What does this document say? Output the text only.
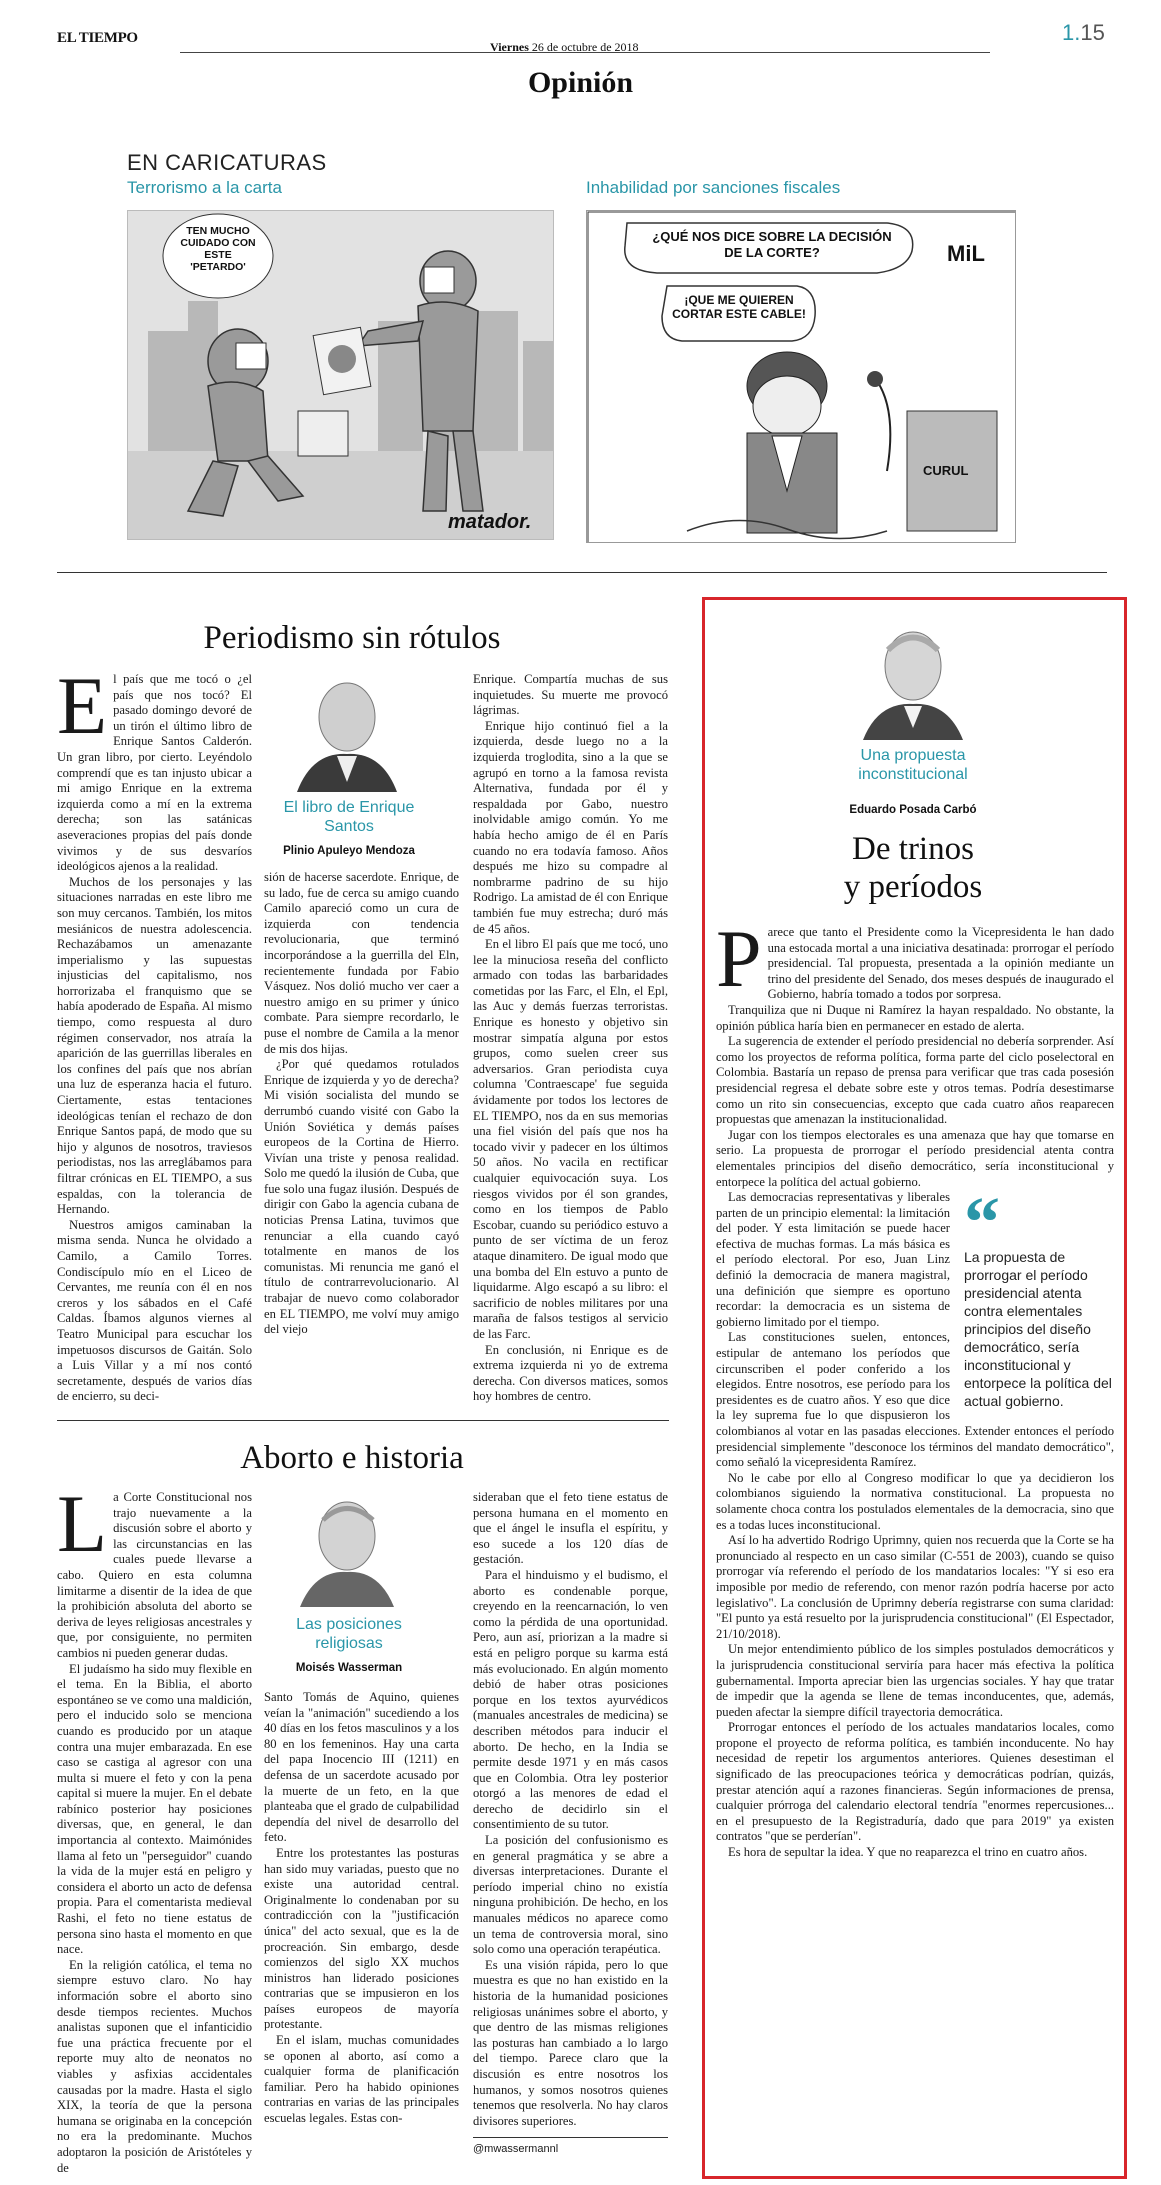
EL TIEMPO
Viernes 26 de octubre de 2018
1.15
Opinión
EN CARICATURAS
Terrorismo a la carta	Inhabilidad por sanciones fiscales
TEN MUCHO CUIDADO CON ESTE 'PETARDO'
matador.
¿QUÉ NOS DICE SOBRE LA DECISIÓN DE LA CORTE?
¡QUE ME QUIEREN CORTAR ESTE CABLE!
MiL
CURUL
Periodismo sin rótulos
El libro de Enrique Santos
Plinio Apuleyo Mendoza
E l país que me tocó o ¿el país que nos tocó? El pasado domingo devoré de un tirón el último libro de Enrique Santos Calderón. Un gran libro, por cierto. Leyéndolo comprendí que es tan injusto ubicar a mi amigo Enrique en la extrema izquierda como a mí en la extrema derecha; son las satánicas aseveraciones propias del país donde vivimos y de sus desvaríos ideológicos ajenos a la realidad.

Muchos de los personajes y las situaciones narradas en este libro me son muy cercanos. También, los mitos mesiánicos de nuestra adolescencia. Rechazábamos un amenazante imperialismo y las supuestas injusticias del capitalismo, nos horrorizaba el franquismo que se había apoderado de España. Al mismo tiempo, como respuesta al duro régimen conservador, nos atraía la aparición de las guerrillas liberales en los confines del país que nos abrían una luz de esperanza hacia el futuro. Ciertamente, estas tentaciones ideológicas tenían el rechazo de don Enrique Santos papá, de modo que su hijo y algunos de nosotros, traviesos periodistas, nos las arreglábamos para filtrar crónicas en EL TIEMPO, a sus espaldas, con la tolerancia de Hernando.

Nuestros amigos caminaban la misma senda. Nunca he olvidado a Camilo, a Camilo Torres. Condiscípulo mío en el Liceo de Cervantes, me reunía con él en nos creros y los sábados en el Café Caldas. Íbamos algunos viernes al Teatro Municipal para escuchar los impetuosos discursos de Gaitán. Solo a Luis Villar y a mí nos contó secretamente, después de varios días de encierro, su deci-

sión de hacerse sacerdote. Enrique, de su lado, fue de cerca su amigo cuando Camilo apareció como un cura de izquierda con tendencia revolucionaria, que terminó incorporándose a la guerrilla del Eln, recientemente fundada por Fabio Vásquez. Nos dolió mucho ver caer a nuestro amigo en su primer y único combate. Para siempre recordarlo, le puse el nombre de Camila a la menor de mis dos hijas.

¿Por qué quedamos rotulados Enrique de izquierda y yo de derecha? Mi visión socialista del mundo se derrumbó cuando visité con Gabo la Unión Soviética y demás países europeos de la Cortina de Hierro. Vivían una triste y penosa realidad. Solo me quedó la ilusión de Cuba, que fue solo una fugaz ilusión. Después de dirigir con Gabo la agencia cubana de noticias Prensa Latina, tuvimos que renunciar a ella cuando cayó totalmente en manos de los comunistas. Mi renuncia me ganó el título de contrarrevolucionario. Al trabajar de nuevo como colaborador en EL TIEMPO, me volví muy amigo del viejo

Enrique. Compartía muchas de sus inquietudes. Su muerte me provocó lágrimas.

Enrique hijo continuó fiel a la izquierda, desde luego no a la izquierda troglodita, sino a la que se agrupó en torno a la famosa revista Alternativa, fundada por él y respaldada por Gabo, nuestro inolvidable amigo común. Yo me había hecho amigo de él en París cuando no era todavía famoso. Años después me hizo su compadre al nombrarme padrino de su hijo Rodrigo. La amistad de él con Enrique también fue muy estrecha; duró más de 45 años.

En el libro El país que me tocó, uno lee la minuciosa reseña del conflicto armado con todas las barbaridades cometidas por las Farc, el Eln, el Epl, las Auc y demás fuerzas terroristas. Enrique es honesto y objetivo sin mostrar simpatía alguna por estos grupos, como suelen creer sus adversarios. Gran periodista cuya columna 'Contraescape' fue seguida ávidamente por todos los lectores de EL TIEMPO, nos da en sus memorias una fiel visión del país que nos ha tocado vivir y padecer en los últimos 50 años. No vacila en rectificar cualquier equivocación suya. Los riesgos vividos por él son grandes, como en los tiempos de Pablo Escobar, cuando su periódico estuvo a punto de ser víctima de un feroz ataque dinamitero. De igual modo que una bomba del Eln estuvo a punto de liquidarme. Algo escapó a su libro: el sacrificio de nobles militares por una maraña de falsos testigos al servicio de las Farc.

En conclusión, ni Enrique es de extrema izquierda ni yo de extrema derecha. Con diversos matices, somos hoy hombres de centro.

Aborto e historia
Las posiciones religiosas
Moisés Wasserman
L a Corte Constitucional nos trajo nuevamente a la discusión sobre el aborto y las circunstancias en las cuales puede llevarse a cabo. Quiero en esta columna limitarme a disentir de la idea de que la prohibición absoluta del aborto se deriva de leyes religiosas ancestrales y que, por consiguiente, no permiten cambios ni pueden generar dudas.

El judaísmo ha sido muy flexible en el tema. En la Biblia, el aborto espontáneo se ve como una maldición, pero el inducido solo se menciona cuando es producido por un ataque contra una mujer embarazada. En ese caso se castiga al agresor con una multa si muere el feto y con la pena capital si muere la mujer. En el debate rabínico posterior hay posiciones diversas, que, en general, le dan importancia al contexto. Maimónides llama al feto un "perseguidor" cuando la vida de la mujer está en peligro y considera el aborto un acto de defensa propia. Para el comentarista medieval Rashi, el feto no tiene estatus de persona sino hasta el momento en que nace.

En la religión católica, el tema no siempre estuvo claro. No hay información sobre el aborto sino desde tiempos recientes. Muchos analistas suponen que el infanticidio fue una práctica frecuente por el reporte muy alto de neonatos no viables y asfixias accidentales causadas por la madre. Hasta el siglo XIX, la teoría de que la persona humana se originaba en la concepción no era la predominante. Muchos adoptaron la posición de Aristóteles y de

Santo Tomás de Aquino, quienes veían la "animación" sucediendo a los 40 días en los fetos masculinos y a los 80 en los femeninos. Hay una carta del papa Inocencio III (1211) en defensa de un sacerdote acusado por la muerte de un feto, en la que planteaba que el grado de culpabilidad dependía del nivel de desarrollo del feto.

Entre los protestantes las posturas han sido muy variadas, puesto que no existe una autoridad central. Originalmente lo condenaban por su contradicción con la "justificación única" del acto sexual, que es la de procreación. Sin embargo, desde comienzos del siglo XX muchos ministros han liderado posiciones contrarias que se impusieron en los países europeos de mayoría protestante.

En el islam, muchas comunidades se oponen al aborto, así como a cualquier forma de planificación familiar. Pero ha habido opiniones contrarias en varias de las principales escuelas legales. Estas con-

sideraban que el feto tiene estatus de persona humana en el momento en que el ángel le insufla el espíritu, y eso sucede a los 120 días de gestación.

Para el hinduismo y el budismo, el aborto es condenable porque, creyendo en la reencarnación, lo ven como la pérdida de una oportunidad. Pero, aun así, priorizan a la madre si está en peligro porque su karma está más evolucionado. En algún momento debió de haber otras posiciones porque en los textos ayurvédicos (manuales ancestrales de medicina) se describen métodos para inducir el aborto. De hecho, en la India se permite desde 1971 y en más casos que en Colombia. Otra ley posterior otorgó a las menores de edad el derecho de decidirlo sin el consentimiento de su tutor.

La posición del confusionismo es en general pragmática y se abre a diversas interpretaciones. Durante el período imperial chino no existía ninguna prohibición. De hecho, en los manuales médicos no aparece como un tema de controversia moral, sino solo como una operación terapéutica.

Es una visión rápida, pero lo que muestra es que no han existido en la historia de la humanidad posiciones religiosas unánimes sobre el aborto, y que dentro de las mismas religiones las posturas han cambiado a lo largo del tiempo. Parece claro que la discusión es entre nosotros los humanos, y somos nosotros quienes tenemos que resolverla. No hay claros divisores superiores.

@mwassermannl
Una propuesta inconstitucional
Eduardo Posada Carbó
De trinos
y períodos
P arece que tanto el Presidente como la Vicepresidenta le han dado una estocada mortal a una iniciativa desatinada: prorrogar el período presidencial. Tal propuesta, presentada a la opinión mediante un trino del presidente del Senado, dos meses después de inaugurado el Gobierno, habría tomado a todos por sorpresa.

Tranquiliza que ni Duque ni Ramírez la hayan respaldado. No obstante, la opinión pública haría bien en permanecer en estado de alerta.

La sugerencia de extender el período presidencial no debería sorprender. Así como los proyectos de reforma política, forma parte del ciclo poselectoral en Colombia. Bastaría un repaso de prensa para verificar que tras cada posesión presidencial regresa el debate sobre este y otros temas. Podría desestimarse como un rito sin consecuencias, excepto que cada cuatro años reaparecen propuestas que amenazan la institucionalidad.

Jugar con los tiempos electorales es una amenaza que hay que tomarse en serio. La propuesta de prorrogar el período presidencial atenta contra elementales principios del diseño democrático, sería inconstitucional y entorpece la política del actual gobierno.

“
La propuesta de prorrogar el período presidencial atenta contra elementales principios del diseño democrático, sería inconstitucional y entorpece la política del actual gobierno.

Las democracias representativas y liberales parten de un principio elemental: la limitación del poder. Y esta limitación se puede hacer efectiva de muchas formas. La más básica es el período electoral. Por eso, Juan Linz definió la democracia de manera magistral, una definición que siempre es oportuno recordar: la democracia es un sistema de gobierno limitado por el tiempo.

Las constituciones suelen, entonces, estipular de antemano los períodos que circunscriben el poder conferido a los elegidos. Entre nosotros, ese período para los presidentes es de cuatro años. Y eso que dice la ley suprema fue lo que dispusieron los colombianos al votar en las pasadas elecciones. Extender entonces el período presidencial simplemente "desconoce los términos del mandato democrático", como señaló la vicepresidenta Ramírez.

No le cabe por ello al Congreso modificar lo que ya decidieron los colombianos siguiendo la normativa constitucional. La propuesta no solamente choca contra los postulados elementales de la democracia, sino que es a todas luces inconstitucional.

Así lo ha advertido Rodrigo Uprimny, quien nos recuerda que la Corte se ha pronunciado al respecto en un caso similar (C-551 de 2003), cuando se quiso prorrogar vía referendo el período de los mandatarios locales: "Y si eso era imposible por medio de referendo, con menor razón podría hacerse por acto legislativo". La conclusión de Uprimny debería registrarse con suma claridad: "El punto ya está resuelto por la jurisprudencia constitucional" (El Espectador, 21/10/2018).

Un mejor entendimiento público de los simples postulados democráticos y la jurisprudencia constitucional serviría para hacer más efectiva la política gubernamental. Importa apreciar bien las urgencias sociales. Y hay que tratar de impedir que la agenda se llene de temas inconducentes, que, además, pueden afectar la siempre difícil trayectoria democrática.

Prorrogar entonces el período de los actuales mandatarios locales, como propone el proyecto de reforma política, es también inconducente. No hay necesidad de repetir los argumentos anteriores. Quienes desestiman el significado de las preocupaciones teórica y democráticas podrían, quizás, prestar atención aquí a razones financieras. Según informaciones de prensa, cualquier prórroga del calendario electoral tendría "enormes repercusiones... en el presupuesto de la Registraduría, dado que para 2019" ya existen contratos "que se perderían".

Es hora de sepultar la idea. Y que no reaparezca el trino en cuatro años.
